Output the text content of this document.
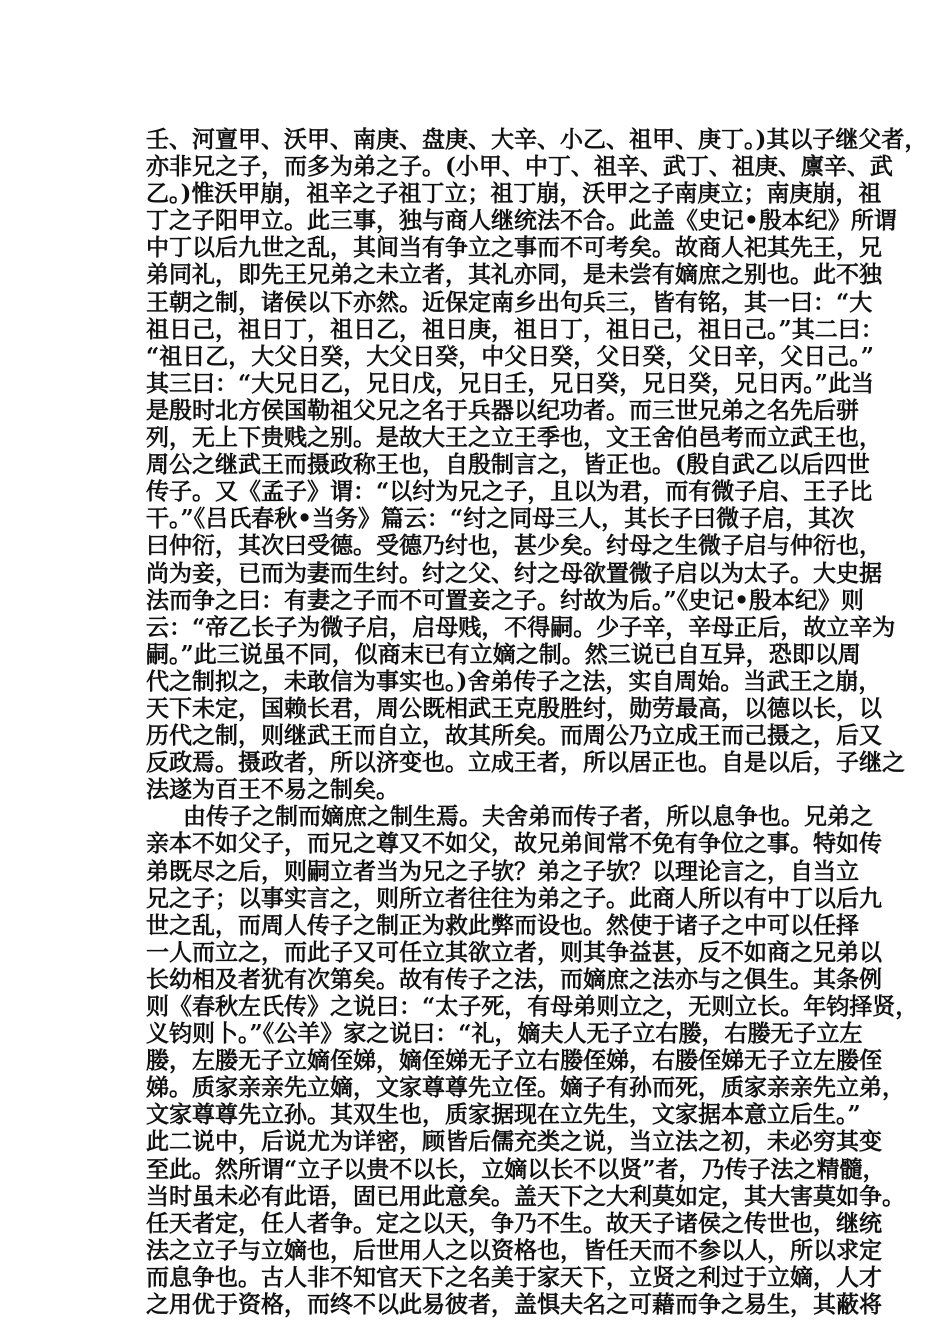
壬、河亶甲、沃甲、南庚、盘庚、大辛、小乙、祖甲、庚丁。)其以子继父者，
亦非兄之子，而多为弟之子。(小甲、中丁、祖辛、武丁、祖庚、廪辛、武
乙。)惟沃甲崩，祖辛之子祖丁立；祖丁崩，沃甲之子南庚立；南庚崩，祖
丁之子阳甲立。此三事，独与商人继统法不合。此盖《史记•殷本纪》所谓
中丁以后九世之乱，其间当有争立之事而不可考矣。故商人祀其先王，兄
弟同礼，即先王兄弟之未立者，其礼亦同，是未尝有嫡庶之别也。此不独
王朝之制，诸侯以下亦然。近保定南乡出句兵三，皆有铭，其一曰：“大
祖日己，祖日丁，祖日乙，祖日庚，祖日丁，祖日己，祖日己。”其二曰：
“祖日乙，大父日癸，大父日癸，中父日癸，父日癸，父日辛，父日己。”
其三曰：“大兄日乙，兄日戊，兄日壬，兄日癸，兄日癸，兄日丙。”此当
是殷时北方侯国勒祖父兄之名于兵器以纪功者。而三世兄弟之名先后骈
列，无上下贵贱之别。是故大王之立王季也，文王舍伯邑考而立武王也，
周公之继武王而摄政称王也，自殷制言之，皆正也。(殷自武乙以后四世
传子。又《孟子》谓：“以纣为兄之子，且以为君，而有微子启、王子比
干。”《吕氏春秋•当务》篇云：“纣之同母三人，其长子曰微子启，其次
曰仲衍，其次曰受德。受德乃纣也，甚少矣。纣母之生微子启与仲衍也，
尚为妾，已而为妻而生纣。纣之父、纣之母欲置微子启以为太子。大史据
法而争之曰：有妻之子而不可置妾之子。纣故为后。”《史记•殷本纪》则
云：“帝乙长子为微子启，启母贱，不得嗣。少子辛，辛母正后，故立辛为
嗣。”此三说虽不同，似商末已有立嫡之制。然三说已自互异，恐即以周
代之制拟之，未敢信为事实也。)舍弟传子之法，实自周始。当武王之崩，
天下未定，国赖长君，周公既相武王克殷胜纣，勋劳最高，以德以长，以
历代之制，则继武王而自立，故其所矣。而周公乃立成王而己摄之，后又
反政焉。摄政者，所以济变也。立成王者，所以居正也。自是以后，子继之
法遂为百王不易之制矣。
由传子之制而嫡庶之制生焉。夫舍弟而传子者，所以息争也。兄弟之
亲本不如父子，而兄之尊又不如父，故兄弟间常不免有争位之事。特如传
弟既尽之后，则嗣立者当为兄之子欤？弟之子欤？以理论言之，自当立
兄之子；以事实言之，则所立者往往为弟之子。此商人所以有中丁以后九
世之乱，而周人传子之制正为救此弊而设也。然使于诸子之中可以任择
一人而立之，而此子又可任立其欲立者，则其争益甚，反不如商之兄弟以
长幼相及者犹有次第矣。故有传子之法，而嫡庶之法亦与之俱生。其条例
则《春秋左氏传》之说曰：“太子死，有母弟则立之，无则立长。年钧择贤，
义钧则卜。”《公羊》家之说曰：“礼，嫡夫人无子立右媵，右媵无子立左
媵，左媵无子立嫡侄娣，嫡侄娣无子立右媵侄娣，右媵侄娣无子立左媵侄
娣。质家亲亲先立嫡，文家尊尊先立侄。嫡子有孙而死，质家亲亲先立弟，
文家尊尊先立孙。其双生也，质家据现在立先生，文家据本意立后生。”
此二说中，后说尤为详密，顾皆后儒充类之说，当立法之初，未必穷其变
至此。然所谓“立子以贵不以长，立嫡以长不以贤”者，乃传子法之精髓，
当时虽未必有此语，固已用此意矣。盖天下之大利莫如定，其大害莫如争。
任天者定，任人者争。定之以天，争乃不生。故天子诸侯之传世也，继统
法之立子与立嫡也，后世用人之以资格也，皆任天而不参以人，所以求定
而息争也。古人非不知官天下之名美于家天下，立贤之利过于立嫡，人才
之用优于资格，而终不以此易彼者，盖惧夫名之可藉而争之易生，其蔽将
